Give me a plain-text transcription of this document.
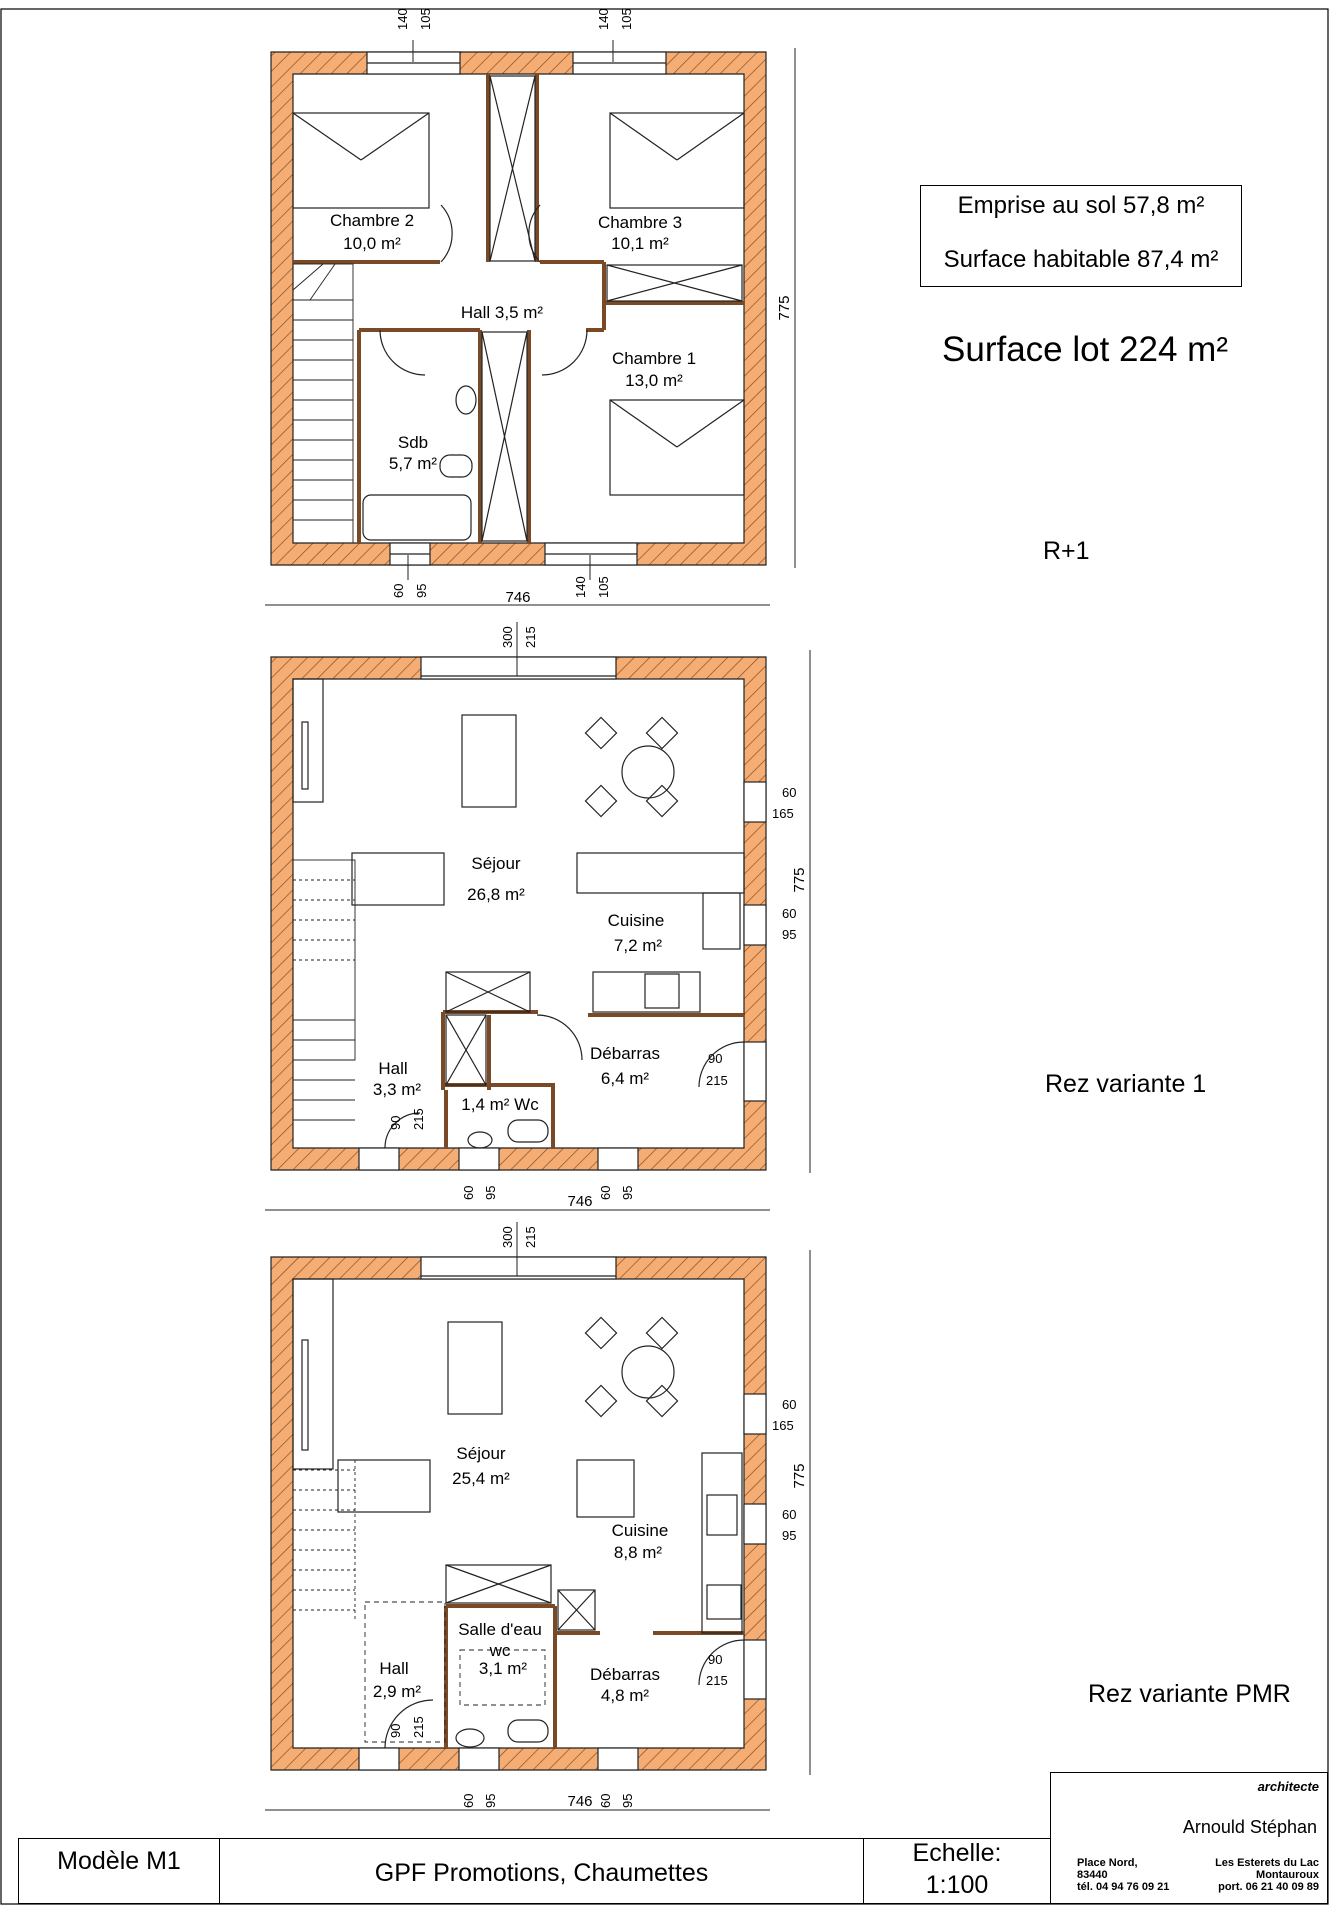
Chambre 2
10,0 m²
Chambre 3
10,1 m²
Hall 3,5 m²
Chambre 1
13,0 m²
Sdb
5,7 m²
140 105	140 105
60 95	140 105
746
775
Séjour
26,8 m²
Cuisine
7,2 m²
Débarras
6,4 m²
Hall
3,3 m²
1,4 m² Wc
300 215
60
165
60
95
90
215
90 215
60 95	60 95
746
775
Séjour
25,4 m²
Cuisine
8,8 m²
Salle d'eau
wc
3,1 m²	Débarras
4,8 m²
Hall
2,9 m²
300 215
60
165
60
95
90
215
90 215
60 95	60 95
746
775
Emprise au sol 57,8 m²
Surface habitable 87,4 m²
Surface lot 224 m²
R+1
Rez variante 1
Rez variante PMR
Modèle M1	GPF Promotions, Chaumettes
Echelle:
1:100
architecte
Arnould Stéphan
Place Nord,
83440
tél. 04 94 76 09 21
Les Esterets du Lac
Montauroux
port. 06 21 40 09 89
